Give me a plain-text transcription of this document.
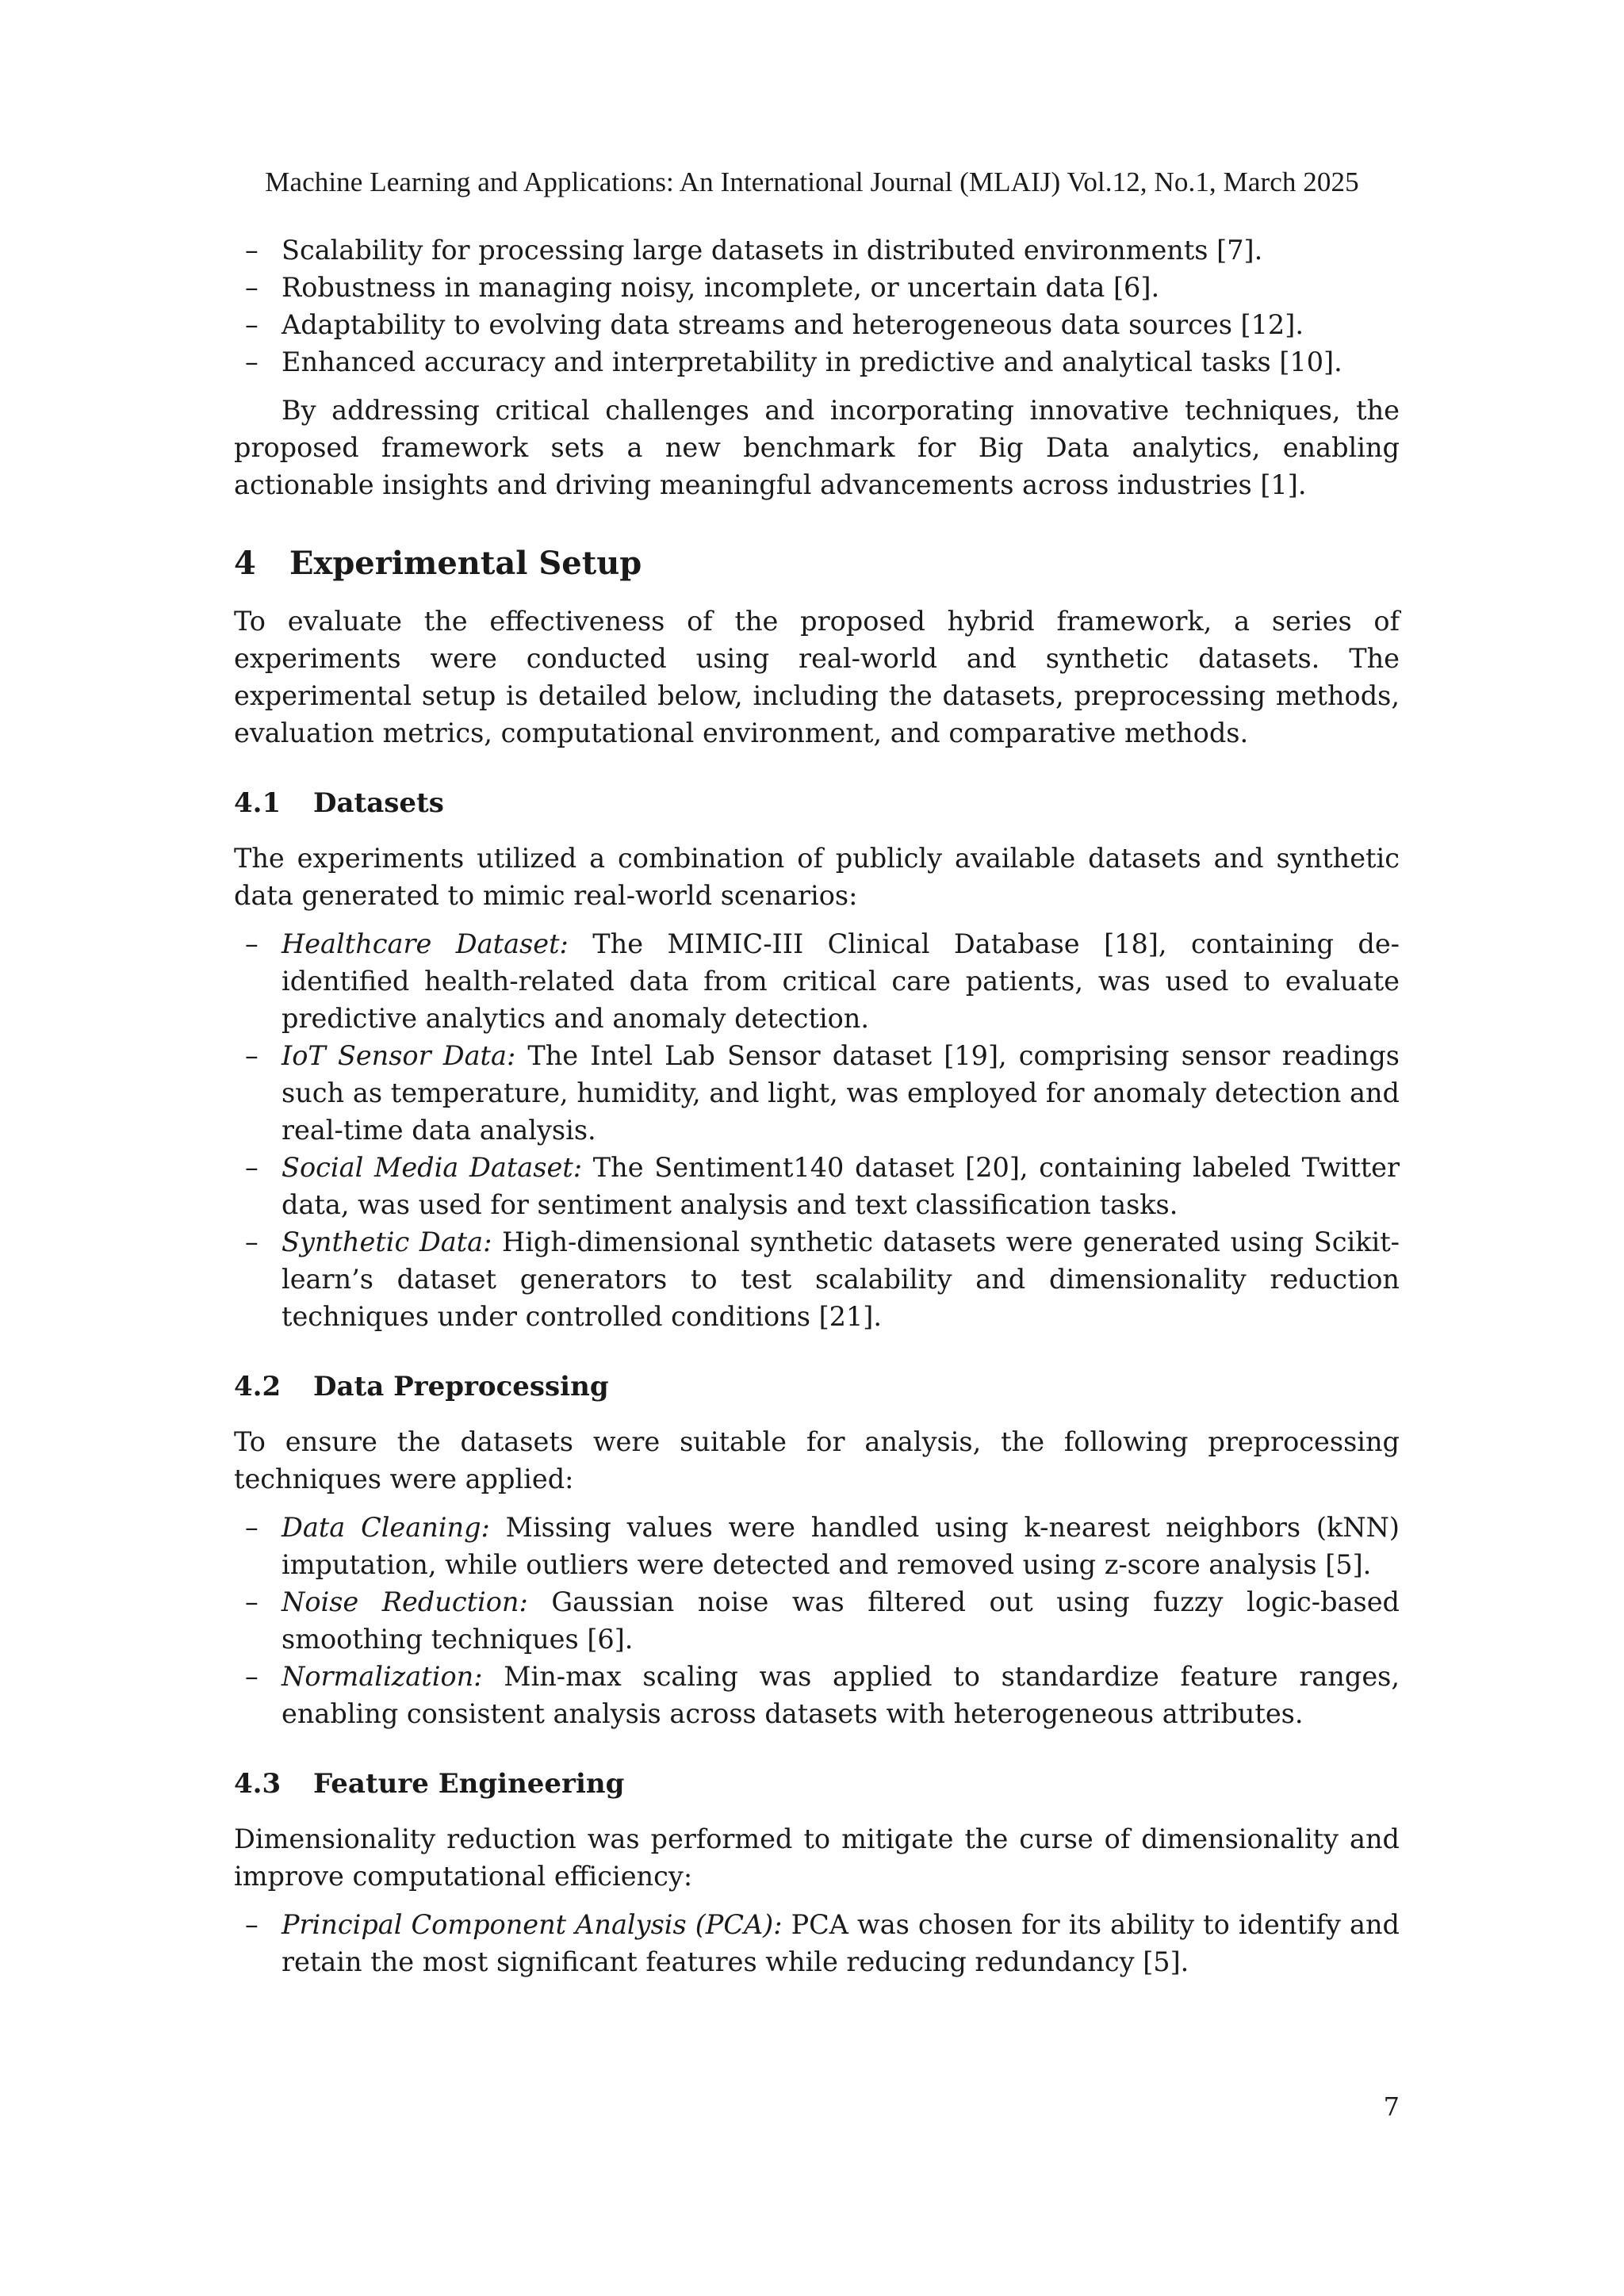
Machine Learning and Applications: An International Journal (MLAIJ) Vol.12, No.1, March 2025
– Scalability for processing large datasets in distributed environments [7].
– Robustness in managing noisy, incomplete, or uncertain data [6].
– Adaptability to evolving data streams and heterogeneous data sources [12].
– Enhanced accuracy and interpretability in predictive and analytical tasks [10].

By addressing critical challenges and incorporating innovative techniques, the proposed framework sets a new benchmark for Big Data analytics, enabling actionable insights and driving meaningful advancements across industries [1].

4 Experimental Setup

To evaluate the effectiveness of the proposed hybrid framework, a series of experiments were conducted using real-world and synthetic datasets. The experimental setup is detailed below, including the datasets, preprocessing methods, evaluation metrics, computational environment, and comparative methods.

4.1 Datasets

The experiments utilized a combination of publicly available datasets and synthetic data generated to mimic real-world scenarios:

– Healthcare Dataset: The MIMIC-III Clinical Database [18], containing de-identified health-related data from critical care patients, was used to evaluate predictive analytics and anomaly detection.
– IoT Sensor Data: The Intel Lab Sensor dataset [19], comprising sensor readings such as temperature, humidity, and light, was employed for anomaly detection and real-time data analysis.
– Social Media Dataset: The Sentiment140 dataset [20], containing labeled Twitter data, was used for sentiment analysis and text classification tasks.
– Synthetic Data: High-dimensional synthetic datasets were generated using Scikit-learn’s dataset generators to test scalability and dimensionality reduction techniques under controlled conditions [21].
4.2 Data Preprocessing

To ensure the datasets were suitable for analysis, the following preprocessing techniques were applied:

– Data Cleaning: Missing values were handled using k-nearest neighbors (kNN) imputation, while outliers were detected and removed using z-score analysis [5].
– Noise Reduction: Gaussian noise was filtered out using fuzzy logic-based smoothing techniques [6].
– Normalization: Min-max scaling was applied to standardize feature ranges, enabling consistent analysis across datasets with heterogeneous attributes.
4.3 Feature Engineering

Dimensionality reduction was performed to mitigate the curse of dimensionality and improve computational efficiency:

– Principal Component Analysis (PCA): PCA was chosen for its ability to identify and retain the most significant features while reducing redundancy [5].
7
